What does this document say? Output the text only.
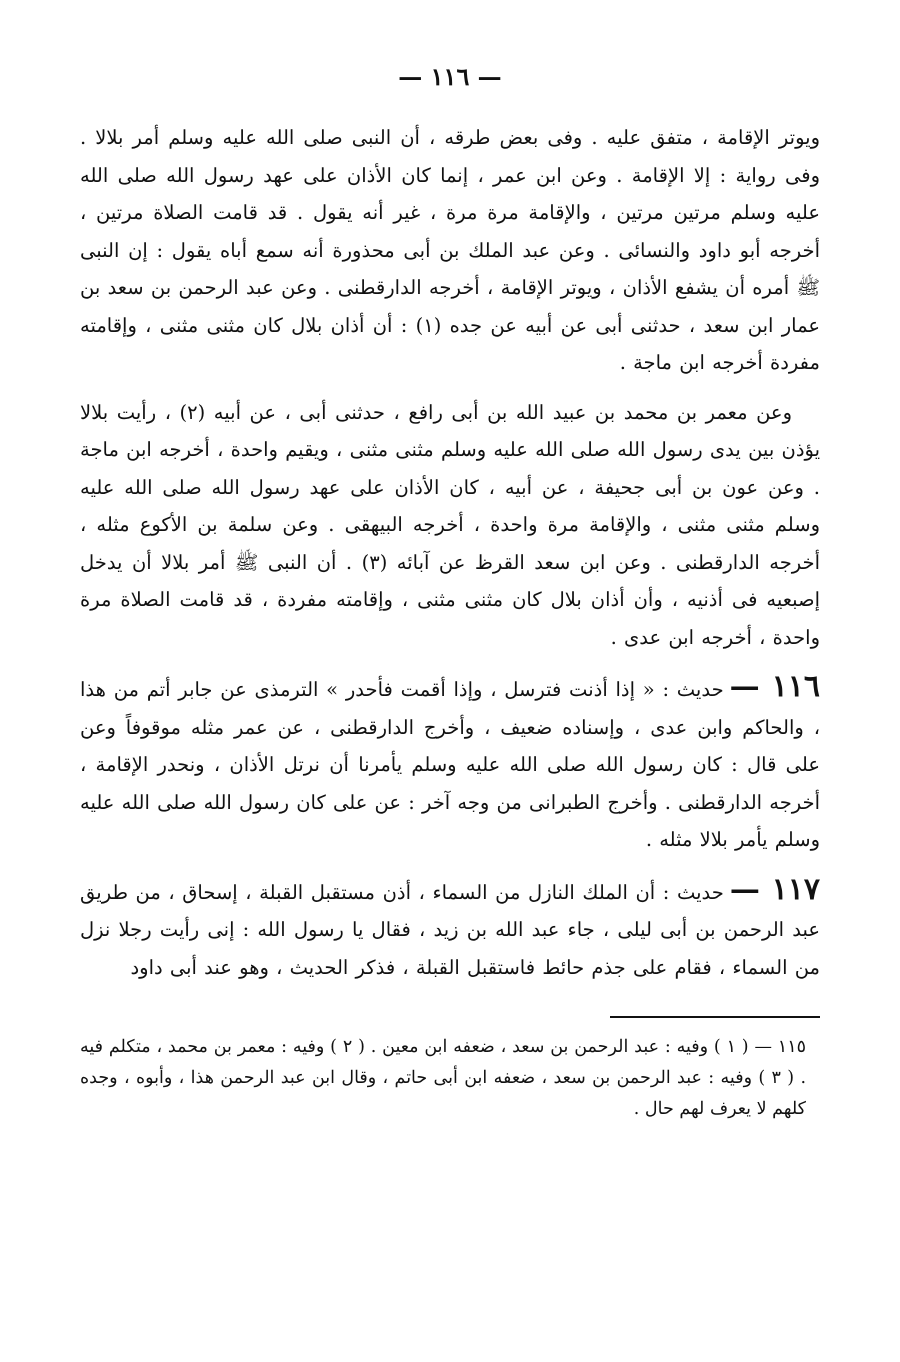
— ١١٦ —

ويوتر الإقامة ، متفق عليه . وفى بعض طرقه ، أن النبى صلى الله عليه وسلم أمر بلالا . وفى رواية : إلا الإقامة . وعن ابن عمر ، إنما كان الأذان على عهد رسول الله صلى الله عليه وسلم مرتين مرتين ، والإقامة مرة مرة ، غير أنه يقول . قد قامت الصلاة مرتين ، أخرجه أبو داود والنسائى . وعن عبد الملك بن أبى محذورة أنه سمع أباه يقول : إن النبى ﷺ أمره أن يشفع الأذان ، ويوتر الإقامة ، أخرجه الدارقطنى . وعن عبد الرحمن بن سعد بن عمار ابن سعد ، حدثنى أبى عن أبيه عن جده (١) : أن أذان بلال كان مثنى مثنى ، وإقامته مفردة أخرجه ابن ماجة .

وعن معمر بن محمد بن عبيد الله بن أبى رافع ، حدثنى أبى ، عن أبيه (٢) ، رأيت بلالا يؤذن بين يدى رسول الله صلى الله عليه وسلم مثنى مثنى ، ويقيم واحدة ، أخرجه ابن ماجة . وعن عون بن أبى جحيفة ، عن أبيه ، كان الأذان على عهد رسول الله صلى الله عليه وسلم مثنى مثنى ، والإقامة مرة واحدة ، أخرجه البيهقى . وعن سلمة بن الأكوع مثله ، أخرجه الدارقطنى . وعن ابن سعد القرظ عن آبائه (٣) . أن النبى ﷺ أمر بلالا أن يدخل إصبعيه فى أذنيه ، وأن أذان بلال كان مثنى مثنى ، وإقامته مفردة ، قد قامت الصلاة مرة واحدة ، أخرجه ابن عدى .

١١٦ —حديث : « إذا أذنت فترسل ، وإذا أقمت فأحدر » الترمذى عن جابر أتم من هذا ، والحاكم وابن عدى ، وإسناده ضعيف ، وأخرج الدارقطنى ، عن عمر مثله موقوفاً وعن على قال : كان رسول الله صلى الله عليه وسلم يأمرنا أن نرتل الأذان ، ونحدر الإقامة ، أخرجه الدارقطنى . وأخرج الطبرانى من وجه آخر : عن على كان رسول الله صلى الله عليه وسلم يأمر بلالا مثله .

١١٧ —حديث : أن الملك النازل من السماء ، أذن مستقبل القبلة ، إسحاق ، من طريق عبد الرحمن بن أبى ليلى ، جاء عبد الله بن زيد ، فقال يا رسول الله : إنى رأيت رجلا نزل من السماء ، فقام على جذم حائط فاستقبل القبلة ، فذكر الحديث ، وهو عند أبى داود

١١٥ — ( ١ ) وفيه : عبد الرحمن بن سعد ، ضعفه ابن معين . ( ٢ ) وفيه : معمر بن محمد ، متكلم فيه . ( ٣ ) وفيه : عبد الرحمن بن سعد ، ضعفه ابن أبى حاتم ، وقال ابن عبد الرحمن هذا ، وأبوه ، وجده كلهم لا يعرف لهم حال .
